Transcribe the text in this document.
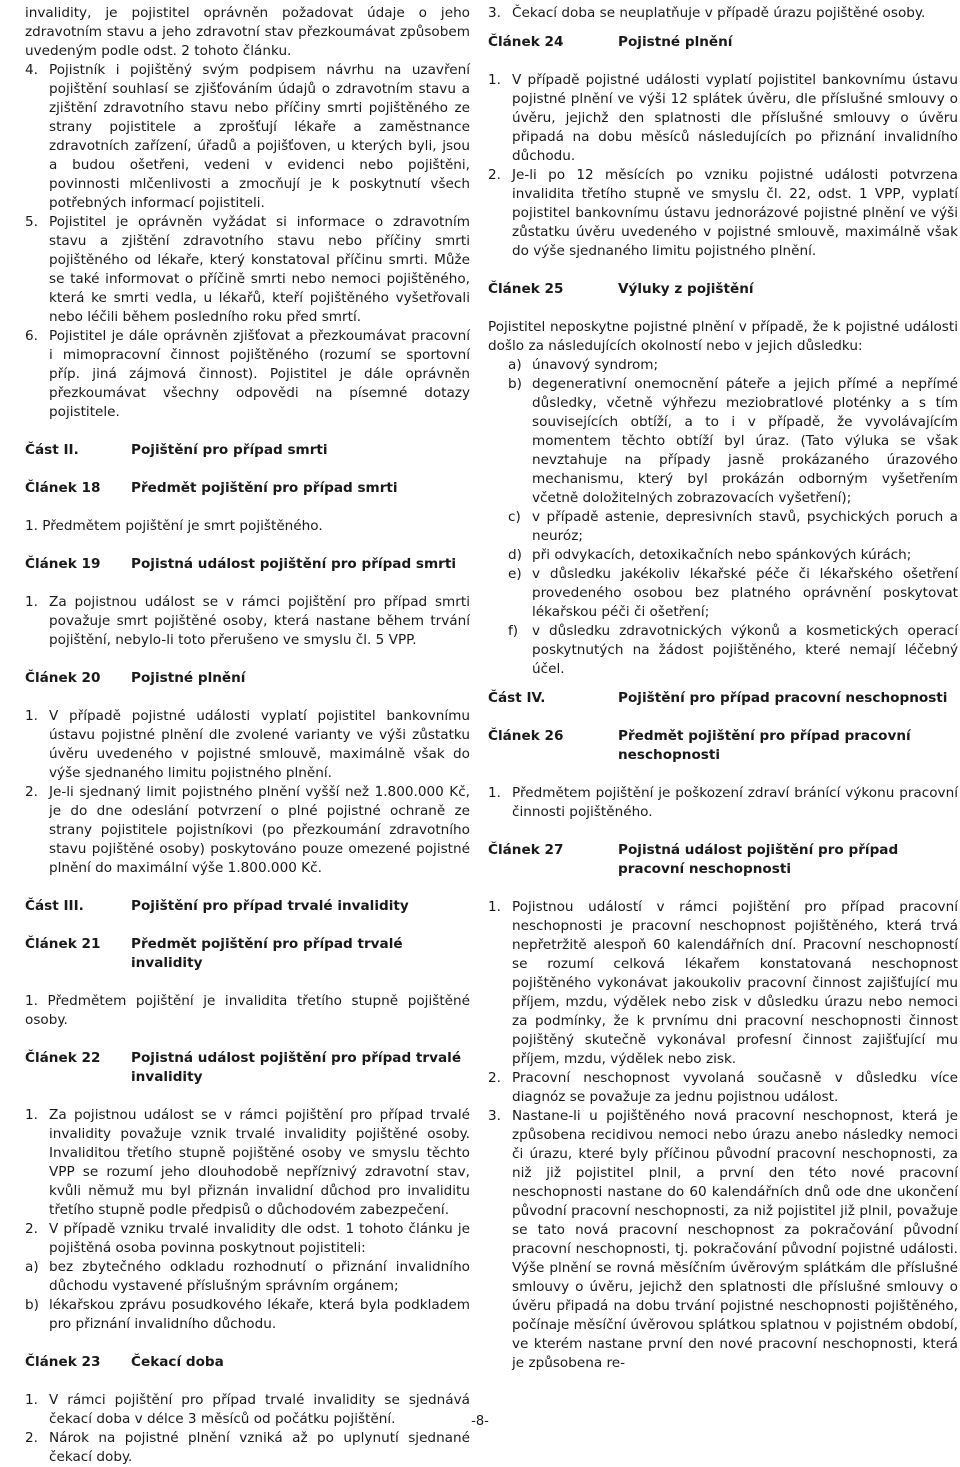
invalidity, je pojistitel oprávněn požadovat údaje o jeho zdravotním stavu a jeho zdravotní stav přezkoumávat způsobem uvedeným podle odst. 2 tohoto článku.

4. Pojistník i pojištěný svým podpisem návrhu na uzavření pojištění souhlasí se zjišťováním údajů o zdravotním stavu a zjištění zdravotního stavu nebo příčiny smrti pojištěného ze strany pojistitele a zprošťují lékaře a zaměstnance zdravotních zařízení, úřadů a pojišťoven, u kterých byli, jsou a budou ošetřeni, vedeni v evidenci nebo pojištěni, povinnosti mlčenlivosti a zmocňují je k poskytnutí všech potřebných informací pojistiteli.
5. Pojistitel je oprávněn vyžádat si informace o zdravotním stavu a zjištění zdravotního stavu nebo příčiny smrti pojištěného od lékaře, který konstatoval příčinu smrti. Může se také informovat o příčině smrti nebo nemoci pojištěného, která ke smrti vedla, u lékařů, kteří pojištěného vyšetřovali nebo léčili během posledního roku před smrtí.
6. Pojistitel je dále oprávněn zjišťovat a přezkoumávat pracovní i mimopracovní činnost pojištěného (rozumí se sportovní příp. jiná zájmová činnost). Pojistitel je dále oprávněn přezkoumávat všechny odpovědi na písemné dotazy pojistitele.
Část II.	Pojištění pro případ smrti
Článek 18	Předmět pojištění pro případ smrti

1. Předmětem pojištění je smrt pojištěného.

Článek 19	Pojistná událost pojištění pro případ smrti
1. Za pojistnou událost se v rámci pojištění pro případ smrti považuje smrt pojištěné osoby, která nastane během trvání pojištění, nebylo-li toto přerušeno ve smyslu čl. 5 VPP.
Článek 20	Pojistné plnění
1. V případě pojistné události vyplatí pojistitel bankovnímu ústavu pojistné plnění dle zvolené varianty ve výši zůstatku úvěru uvedeného v pojistné smlouvě, maximálně však do výše sjednaného limitu pojistného plnění.
2. Je-li sjednaný limit pojistného plnění vyšší než 1.800.000 Kč, je do dne odeslání potvrzení o plné pojistné ochraně ze strany pojistitele pojistníkovi (po přezkoumání zdravotního stavu pojištěné osoby) poskytováno pouze omezené pojistné plnění do maximální výše 1.800.000 Kč.
Část III.	Pojištění pro případ trvalé invalidity
Článek 21	Předmět pojištění pro případ trvalé invalidity

1. Předmětem pojištění je invalidita třetího stupně pojištěné osoby.

Článek 22	Pojistná událost pojištění pro případ trvalé invalidity
1. Za pojistnou událost se v rámci pojištění pro případ trvalé invalidity považuje vznik trvalé invalidity pojištěné osoby. Invaliditou třetího stupně pojištěné osoby ve smyslu těchto VPP se rozumí jeho dlouhodobě nepříznivý zdravotní stav, kvůli němuž mu byl přiznán invalidní důchod pro invaliditu třetího stupně podle předpisů o důchodovém zabezpečení.
2. V případě vzniku trvalé invalidity dle odst. 1 tohoto článku je pojištěná osoba povinna poskytnout pojistiteli:
a) bez zbytečného odkladu rozhodnutí o přiznání invalidního důchodu vystavené příslušným správním orgánem;
b) lékařskou zprávu posudkového lékaře, která byla podkladem pro přiznání invalidního důchodu.
Článek 23	Čekací doba
1. V rámci pojištění pro případ trvalé invalidity se sjednává čekací doba v délce 3 měsíců od počátku pojištění.
2. Nárok na pojistné plnění vzniká až po uplynutí sjednané čekací doby.
3. Čekací doba se neuplatňuje v případě úrazu pojištěné osoby.
Článek 24	Pojistné plnění
1. V případě pojistné události vyplatí pojistitel bankovnímu ústavu pojistné plnění ve výši 12 splátek úvěru, dle příslušné smlouvy o úvěru, jejichž den splatnosti dle příslušné smlouvy o úvěru připadá na dobu měsíců následujících po přiznání invalidního důchodu.
2. Je-li po 12 měsících po vzniku pojistné události potvrzena invalidita třetího stupně ve smyslu čl. 22, odst. 1 VPP, vyplatí pojistitel bankovnímu ústavu jednorázové pojistné plnění ve výši zůstatku úvěru uvedeného v pojistné smlouvě, maximálně však do výše sjednaného limitu pojistného plnění.
Článek 25	Výluky z pojištění

Pojistitel neposkytne pojistné plnění v případě, že k pojistné události došlo za následujících okolností nebo v jejich důsledku:

a) únavový syndrom;
b) degenerativní onemocnění páteře a jejich přímé a nepřímé důsledky, včetně výhřezu meziobratlové ploténky a s tím souvisejících obtíží, a to i v případě, že vyvolávajícím momentem těchto obtíží byl úraz. (Tato výluka se však nevztahuje na případy jasně prokázaného úrazového mechanismu, který byl prokázán odborným vyšetřením včetně doložitelných zobrazovacích vyšetření);
c) v případě astenie, depresivních stavů, psychických poruch a neuróz;
d) při odvykacích, detoxikačních nebo spánkových kúrách;
e) v důsledku jakékoliv lékařské péče či lékařského ošetření provedeného osobou bez platného oprávnění poskytovat lékařskou péči či ošetření;
f)	v důsledku zdravotnických výkonů a kosmetických operací poskytnutých na žádost pojištěného, které nemají léčebný účel.
Část IV.	Pojištění pro případ pracovní neschopnosti
Článek 26	Předmět pojištění pro případ pracovní neschopnosti
1. Předmětem pojištění je poškození zdraví bránící výkonu pracovní činnosti pojištěného.
Článek 27	Pojistná událost pojištění pro případ pracovní neschopnosti
1. Pojistnou událostí v rámci pojištění pro případ pracovní neschopnosti je pracovní neschopnost pojištěného, která trvá nepřetržitě alespoň 60 kalendářních dní. Pracovní neschopností se rozumí celková lékařem konstatovaná neschopnost pojištěného vykonávat jakoukoliv pracovní činnost zajišťující mu příjem, mzdu, výdělek nebo zisk v důsledku úrazu nebo nemoci za podmínky, že k prvnímu dni pracovní neschopnosti činnost pojištěný skutečně vykonával profesní činnost zajišťující mu příjem, mzdu, výdělek nebo zisk.
2. Pracovní neschopnost vyvolaná současně v důsledku více diagnóz se považuje za jednu pojistnou událost.
3. Nastane-li u pojištěného nová pracovní neschopnost, která je způsobena recidivou nemoci nebo úrazu anebo následky nemoci či úrazu, které byly příčinou původní pracovní neschopnosti, za niž již pojistitel plnil, a první den této nové pracovní neschopnosti nastane do 60 kalendářních dnů ode dne ukončení původní pracovní neschopnosti, za niž pojistitel již plnil, považuje se tato nová pracovní neschopnost za pokračování původní pracovní neschopnosti, tj. pokračování původní pojistné události. Výše plnění se rovná měsíčním úvěrovým splátkám dle příslušné smlouvy o úvěru, jejichž den splatnosti dle příslušné smlouvy o úvěru připadá na dobu trvání pojistné neschopnosti pojištěného, počínaje měsíční úvěrovou splátkou splatnou v pojistném období, ve kterém nastane první den nové pracovní neschopnosti, která je způsobena re-
-8-
